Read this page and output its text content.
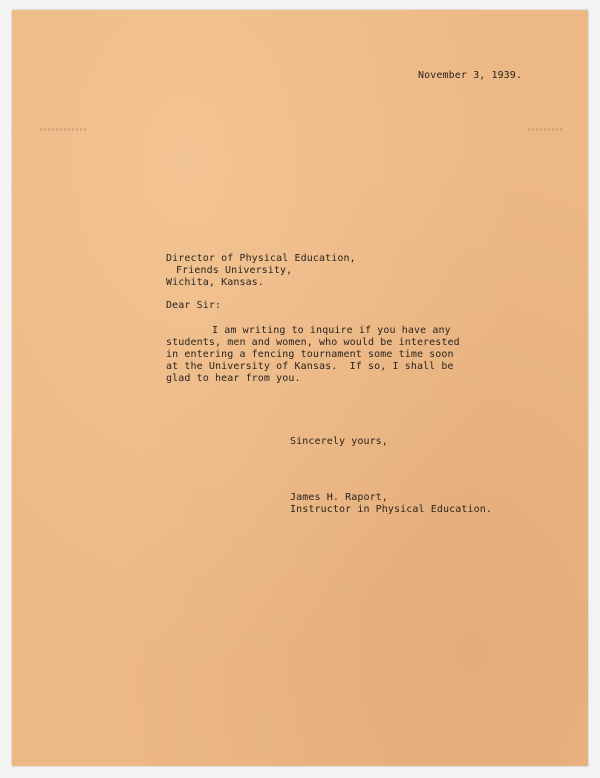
November 3, 1939.
Director of Physical Education,
Friends University,
Wichita, Kansas.
Dear Sir:
I am writing to inquire if you have any
students, men and women, who would be interested
in entering a fencing tournament some time soon
at the University of Kansas.  If so, I shall be
glad to hear from you.
Sincerely yours,
James H. Raport,
Instructor in Physical Education.
